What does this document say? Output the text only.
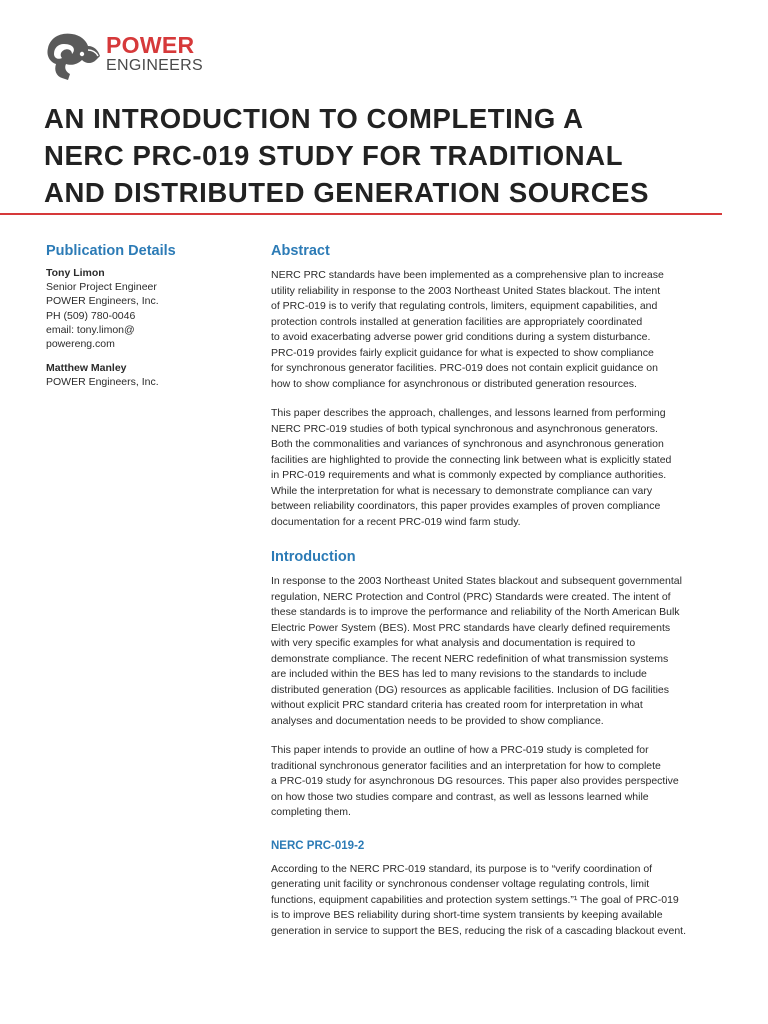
POWER
ENGINEERS
AN INTRODUCTION TO COMPLETING A
NERC PRC-019 STUDY FOR TRADITIONAL
AND DISTRIBUTED GENERATION SOURCES
Publication Details
Tony Limon
Senior Project Engineer
POWER Engineers, Inc.
PH (509) 780-0046
email: tony.limon@
powereng.com
Matthew Manley
POWER Engineers, Inc.
Abstract

NERC PRC standards have been implemented as a comprehensive plan to increase
utility reliability in response to the 2003 Northeast United States blackout. The intent
of PRC-019 is to verify that regulating controls, limiters, equipment capabilities, and
protection controls installed at generation facilities are appropriately coordinated
to avoid exacerbating adverse power grid conditions during a system disturbance.
PRC-019 provides fairly explicit guidance for what is expected to show compliance
for synchronous generator facilities. PRC-019 does not contain explicit guidance on
how to show compliance for asynchronous or distributed generation resources.

This paper describes the approach, challenges, and lessons learned from performing
NERC PRC-019 studies of both typical synchronous and asynchronous generators.
Both the commonalities and variances of synchronous and asynchronous generation
facilities are highlighted to provide the connecting link between what is explicitly stated
in PRC-019 requirements and what is commonly expected by compliance authorities.
While the interpretation for what is necessary to demonstrate compliance can vary
between reliability coordinators, this paper provides examples of proven compliance
documentation for a recent PRC-019 wind farm study.

Introduction

In response to the 2003 Northeast United States blackout and subsequent governmental
regulation, NERC Protection and Control (PRC) Standards were created. The intent of
these standards is to improve the performance and reliability of the North American Bulk
Electric Power System (BES). Most PRC standards have clearly defined requirements
with very specific examples for what analysis and documentation is required to
demonstrate compliance. The recent NERC redefinition of what transmission systems
are included within the BES has led to many revisions to the standards to include
distributed generation (DG) resources as applicable facilities. Inclusion of DG facilities
without explicit PRC standard criteria has created room for interpretation in what
analyses and documentation needs to be provided to show compliance.

This paper intends to provide an outline of how a PRC-019 study is completed for
traditional synchronous generator facilities and an interpretation for how to complete
a PRC-019 study for asynchronous DG resources. This paper also provides perspective
on how those two studies compare and contrast, as well as lessons learned while
completing them.

NERC PRC-019-2

According to the NERC PRC-019 standard, its purpose is to “verify coordination of
generating unit facility or synchronous condenser voltage regulating controls, limit
functions, equipment capabilities and protection system settings.”¹ The goal of PRC-019
is to improve BES reliability during short-time system transients by keeping available
generation in service to support the BES, reducing the risk of a cascading blackout event.
